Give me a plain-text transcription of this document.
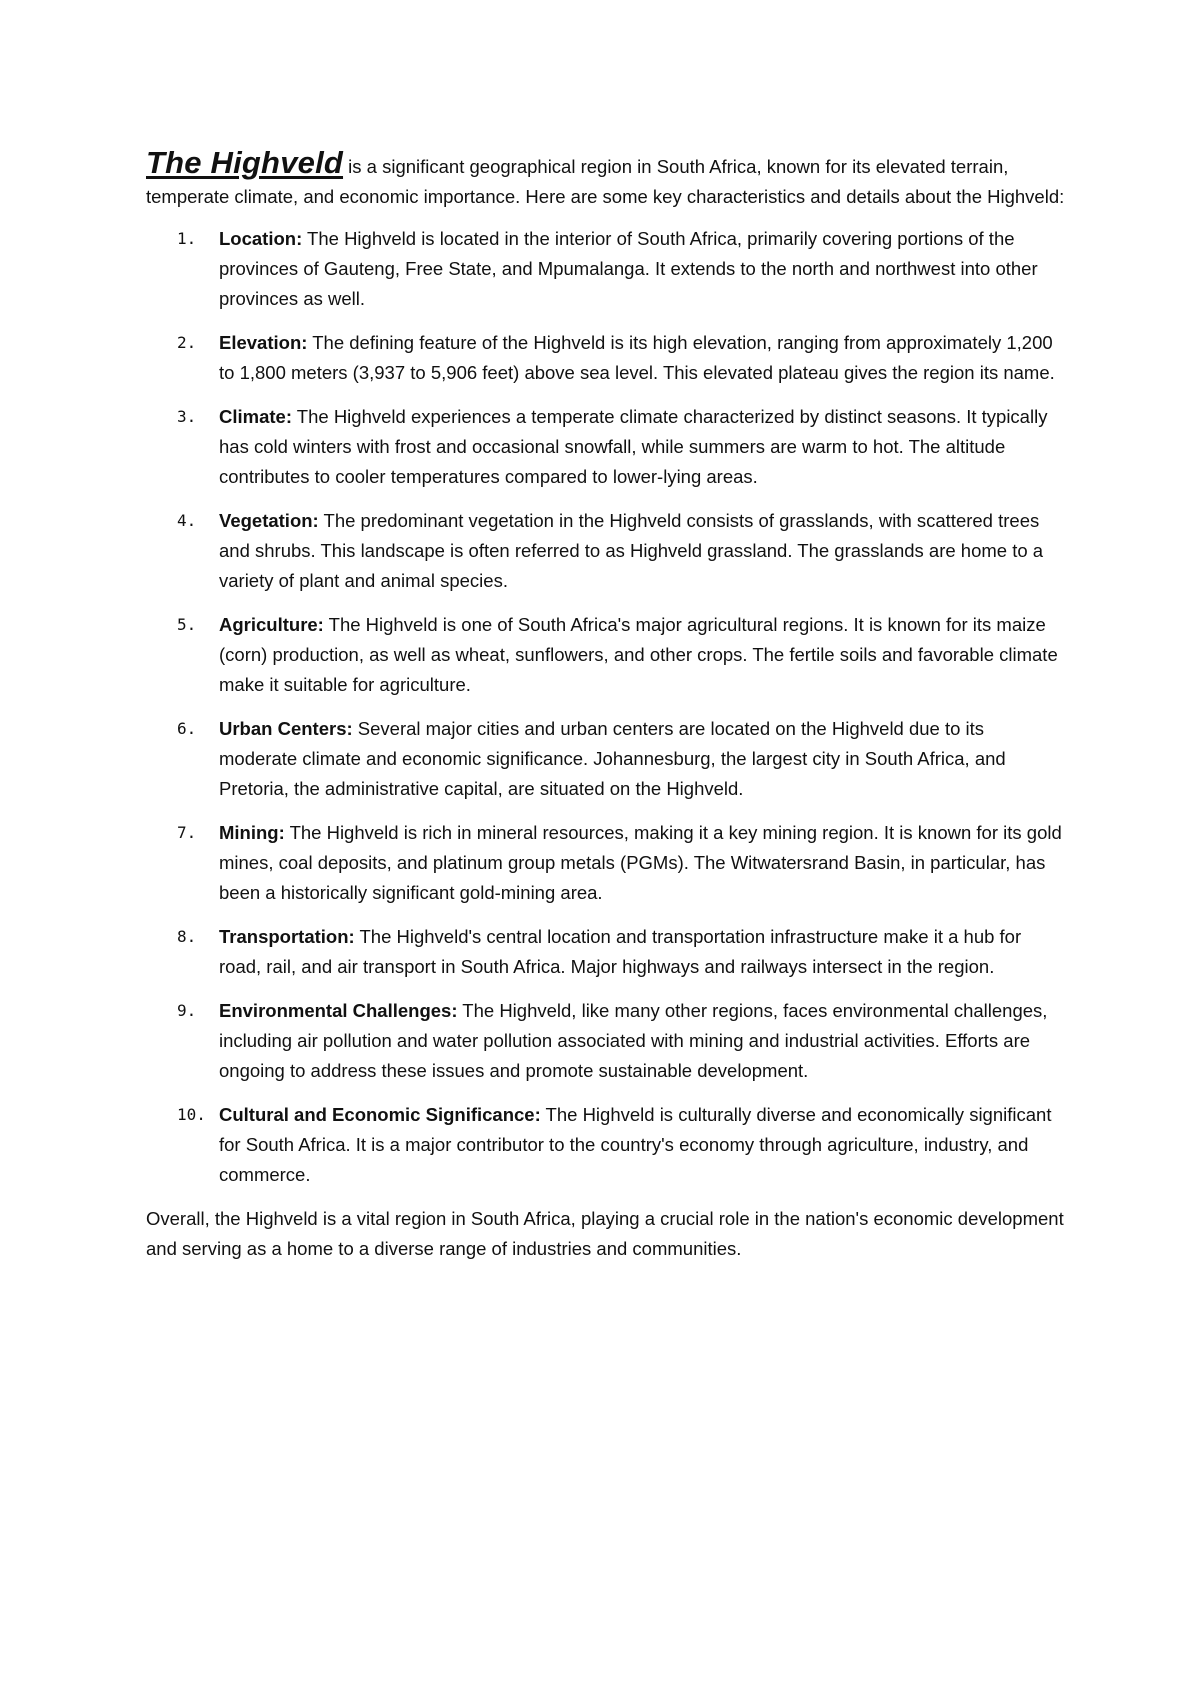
The Highveld is a significant geographical region in South Africa, known for its elevated terrain, temperate climate, and economic importance. Here are some key characteristics and details about the Highveld:

1.	Location: The Highveld is located in the interior of South Africa, primarily covering portions of the provinces of Gauteng, Free State, and Mpumalanga. It extends to the north and northwest into other provinces as well.
2.	Elevation: The defining feature of the Highveld is its high elevation, ranging from approximately 1,200 to 1,800 meters (3,937 to 5,906 feet) above sea level. This elevated plateau gives the region its name.
3.	Climate: The Highveld experiences a temperate climate characterized by distinct seasons. It typically has cold winters with frost and occasional snowfall, while summers are warm to hot. The altitude contributes to cooler temperatures compared to lower-lying areas.
4.	Vegetation: The predominant vegetation in the Highveld consists of grasslands, with scattered trees and shrubs. This landscape is often referred to as Highveld grassland. The grasslands are home to a variety of plant and animal species.
5.	Agriculture: The Highveld is one of South Africa's major agricultural regions. It is known for its maize (corn) production, as well as wheat, sunflowers, and other crops. The fertile soils and favorable climate make it suitable for agriculture.
6.	Urban Centers: Several major cities and urban centers are located on the Highveld due to its moderate climate and economic significance. Johannesburg, the largest city in South Africa, and Pretoria, the administrative capital, are situated on the Highveld.
7.	Mining: The Highveld is rich in mineral resources, making it a key mining region. It is known for its gold mines, coal deposits, and platinum group metals (PGMs). The Witwatersrand Basin, in particular, has been a historically significant gold-mining area.
8.	Transportation: The Highveld's central location and transportation infrastructure make it a hub for road, rail, and air transport in South Africa. Major highways and railways intersect in the region.
9.	Environmental Challenges: The Highveld, like many other regions, faces environmental challenges, including air pollution and water pollution associated with mining and industrial activities. Efforts are ongoing to address these issues and promote sustainable development.
10. Cultural and Economic Significance: The Highveld is culturally diverse and economically significant for South Africa. It is a major contributor to the country's economy through agriculture, industry, and commerce.

Overall, the Highveld is a vital region in South Africa, playing a crucial role in the nation's economic development and serving as a home to a diverse range of industries and communities.
